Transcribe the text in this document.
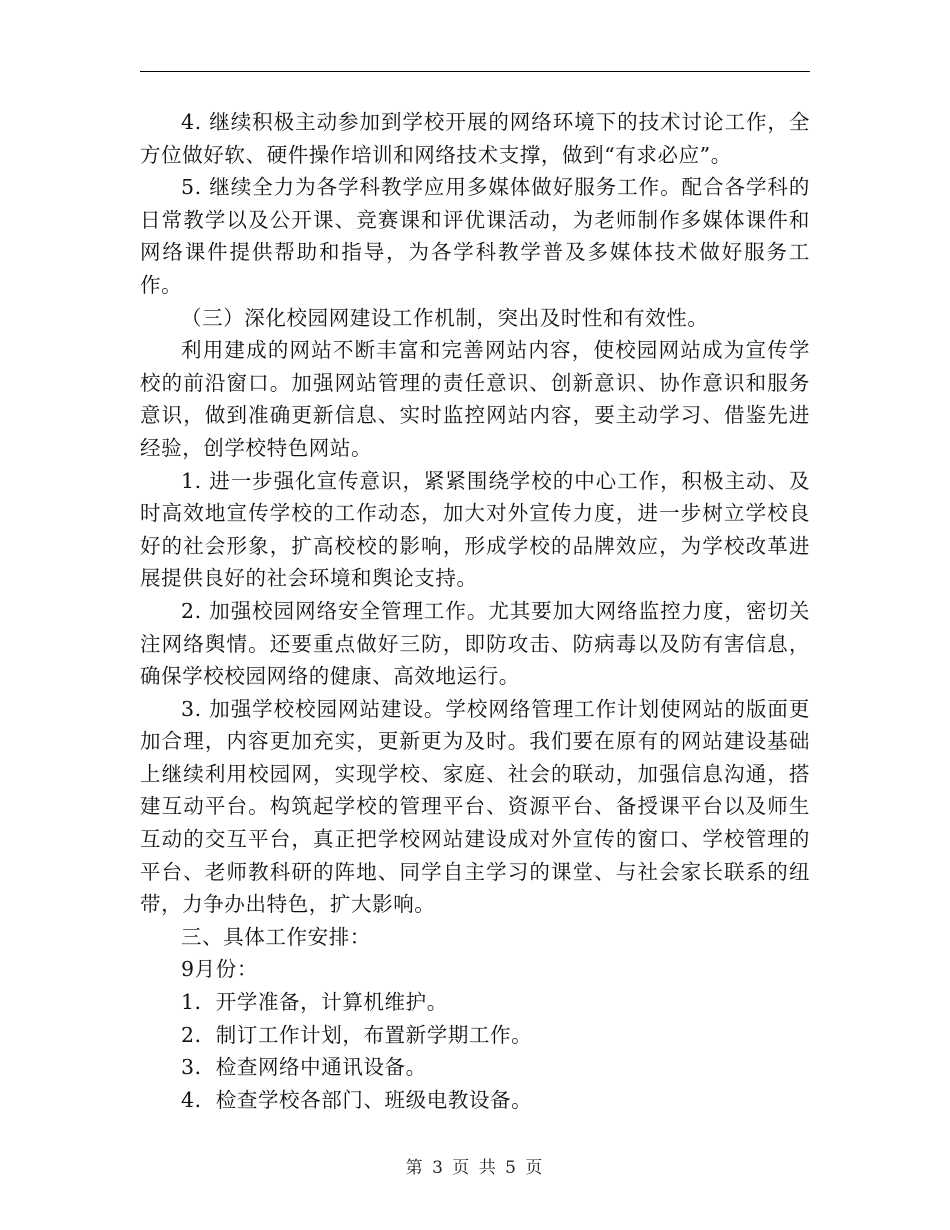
4. 继续积极主动参加到学校开展的网络环境下的技术讨论工作，全方位做好软、硬件操作培训和网络技术支撑，做到“有求必应”。

5. 继续全力为各学科教学应用多媒体做好服务工作。配合各学科的日常教学以及公开课、竞赛课和评优课活动，为老师制作多媒体课件和网络课件提供帮助和指导，为各学科教学普及多媒体技术做好服务工作。

（三）深化校园网建设工作机制，突出及时性和有效性。

利用建成的网站不断丰富和完善网站内容，使校园网站成为宣传学校的前沿窗口。加强网站管理的责任意识、创新意识、协作意识和服务意识，做到准确更新信息、实时监控网站内容，要主动学习、借鉴先进经验，创学校特色网站。

1. 进一步强化宣传意识，紧紧围绕学校的中心工作，积极主动、及时高效地宣传学校的工作动态，加大对外宣传力度，进一步树立学校良好的社会形象，扩高校校的影响，形成学校的品牌效应，为学校改革进展提供良好的社会环境和舆论支持。

2. 加强校园网络安全管理工作。尤其要加大网络监控力度，密切关注网络舆情。还要重点做好三防，即防攻击、防病毒以及防有害信息，确保学校校园网络的健康、高效地运行。

3. 加强学校校园网站建设。学校网络管理工作计划使网站的版面更加合理，内容更加充实，更新更为及时。我们要在原有的网站建设基础上继续利用校园网，实现学校、家庭、社会的联动，加强信息沟通，搭建互动平台。构筑起学校的管理平台、资源平台、备授课平台以及师生互动的交互平台，真正把学校网站建设成对外宣传的窗口、学校管理的平台、老师教科研的阵地、同学自主学习的课堂、与社会家长联系的纽带，力争办出特色，扩大影响。

三、具体工作安排：

9月份：

1．开学准备，计算机维护。

2．制订工作计划，布置新学期工作。

3．检查网络中通讯设备。

4．检查学校各部门、班级电教设备。

第 3 页 共 5 页
